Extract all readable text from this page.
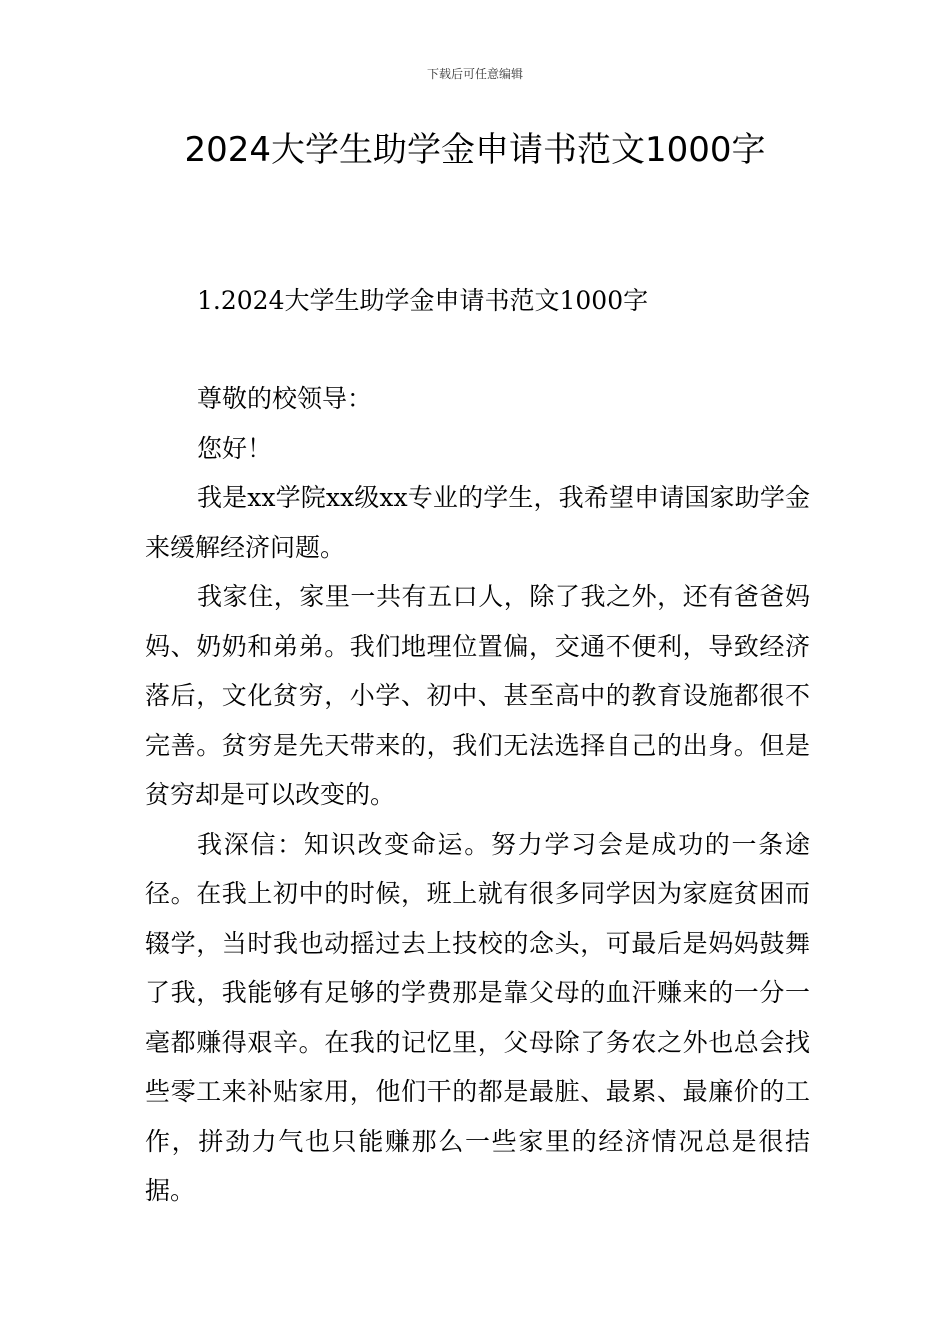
下载后可任意编辑
2024大学生助学金申请书范文1000字

1.2024大学生助学金申请书范文1000字

尊敬的校领导：

您好！

我是xx学院xx级xx专业的学生，我希望申请国家助学金来缓解经济问题。

我家住，家里一共有五口人，除了我之外，还有爸爸妈妈、奶奶和弟弟。我们地理位置偏，交通不便利，导致经济落后，文化贫穷，小学、初中、甚至高中的教育设施都很不完善。贫穷是先天带来的，我们无法选择自己的出身。但是贫穷却是可以改变的。

我深信：知识改变命运。努力学习会是成功的一条途径。在我上初中的时候，班上就有很多同学因为家庭贫困而辍学，当时我也动摇过去上技校的念头，可最后是妈妈鼓舞了我，我能够有足够的学费那是靠父母的血汗赚来的一分一毫都赚得艰辛。在我的记忆里，父母除了务农之外也总会找些零工来补贴家用，他们干的都是最脏、最累、最廉价的工作，拼劲力气也只能赚那么一些家里的经济情况总是很拮据。
